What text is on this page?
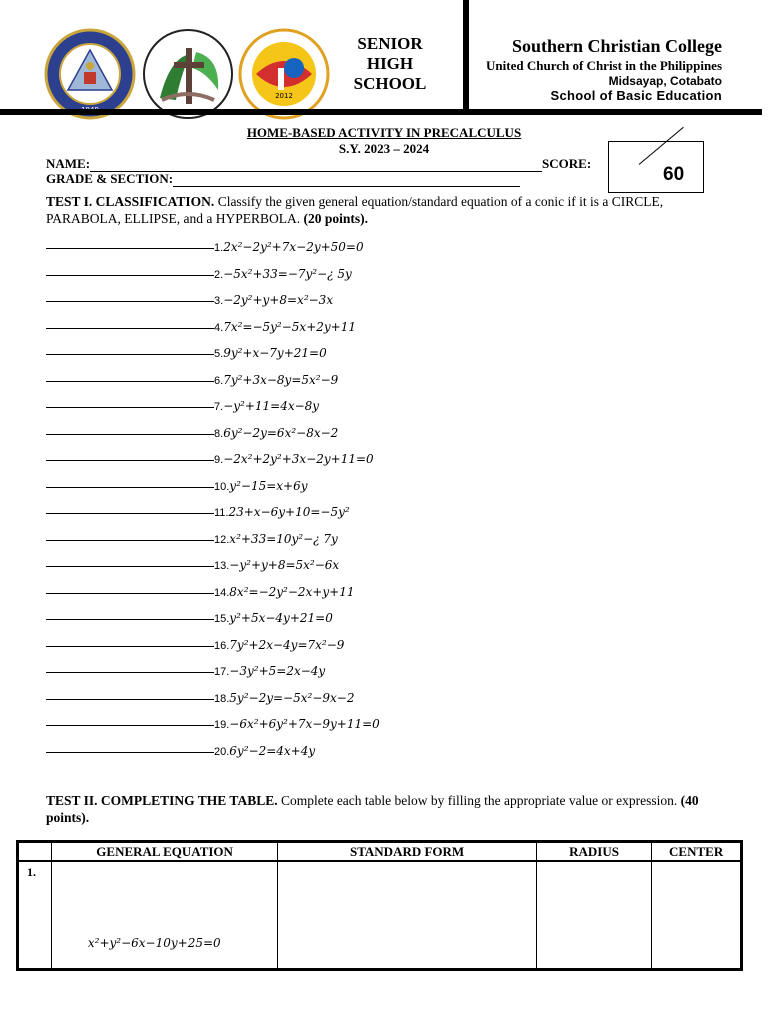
2012
SENIOR
HIGH
SCHOOL
Southern Christian College
United Church of Christ in the Philippines
Midsayap, Cotabato
School of Basic Education
HOME-BASED ACTIVITY IN PRECALCULUS
S.Y. 2023 – 2024
NAME:	SCORE:
GRADE & SECTION:	60
TEST I. CLASSIFICATION. Classify the given general equation/standard equation of a conic if it is a CIRCLE, PARABOLA, ELLIPSE, and a HYPERBOLA. (20 points).
1.2x²−2y²+7x−2y+50=0
2.−5x²+33=−7y²−¿ 5y
3.−2y²+y+8=x²−3x
4.7x²=−5y²−5x+2y+11
5.9y²+x−7y+21=0
6.7y²+3x−8y=5x²−9
7.−y²+11=4x−8y
8.6y²−2y=6x²−8x−2
9.−2x²+2y²+3x−2y+11=0
10.y²−15=x+6y
11.23+x−6y+10=−5y²
12.x²+33=10y²−¿ 7y
13.−y²+y+8=5x²−6x
14.8x²=−2y²−2x+y+11
15.y²+5x−4y+21=0
16.7y²+2x−4y=7x²−9
17.−3y²+5=2x−4y
18.5y²−2y=−5x²−9x−2
19.−6x²+6y²+7x−9y+11=0
20.6y²−2=4x+4y
TEST II. COMPLETING THE TABLE. Complete each table below by filling the appropriate value or expression. (40 points).
	GENERAL EQUATION	STANDARD FORM	RADIUS	CENTER

1.	x²+y²−6x−10y+25=0			
